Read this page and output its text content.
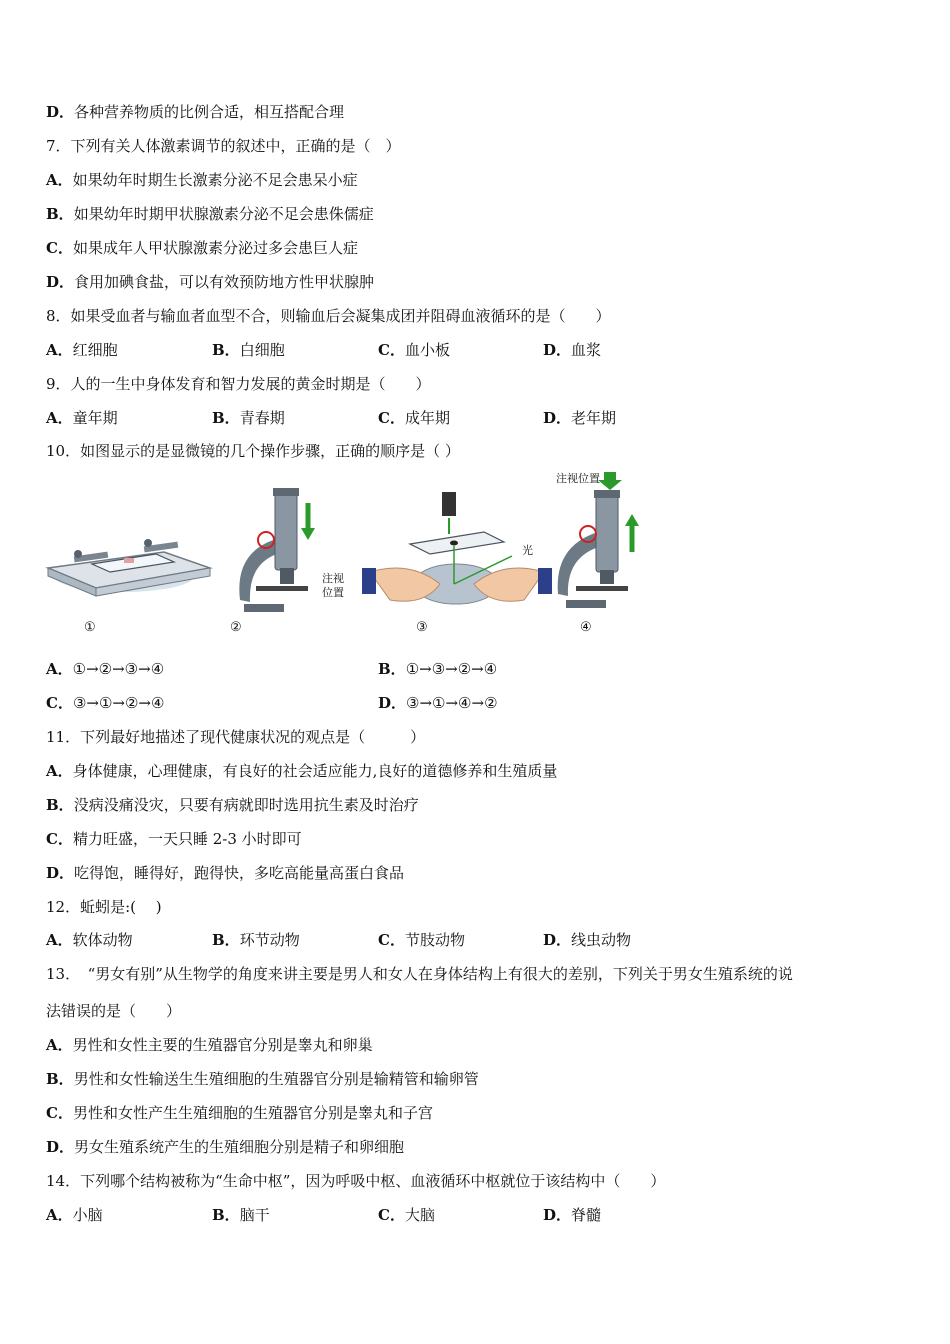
D．各种营养物质的比例合适，相互搭配合理
7．下列有关人体激素调节的叙述中，正确的是（　）
A．如果幼年时期生长激素分泌不足会患呆小症
B．如果幼年时期甲状腺激素分泌不足会患侏儒症
C．如果成年人甲状腺激素分泌过多会患巨人症
D．食用加碘食盐，可以有效预防地方性甲状腺肿
8．如果受血者与输血者血型不合，则输血后会凝集成团并阻碍血液循环的是（　　）
A．红细胞	B．白细胞	C．血小板	D．血浆
9．人的一生中身体发育和智力发展的黄金时期是（　　）
A．童年期	B．青春期	C．成年期	D．老年期
10．如图显示的是显微镜的几个操作步骤，正确的顺序是（ ）
注视
位置
光
注视位置
①	②	③	④
A．①→②→③→④	B．①→③→②→④
C．③→①→②→④	D．③→①→④→②
11．下列最好地描述了现代健康状况的观点是（　　　）
A．身体健康，心理健康，有良好的社会适应能力,良好的道德修养和生殖质量
B．没病没痛没灾，只要有病就即时选用抗生素及时治疗
C．精力旺盛，一天只睡 2-3 小时即可
D．吃得饱，睡得好，跑得快，多吃高能量高蛋白食品
12．蚯蚓是:(　 )
A．软体动物	B．环节动物	C．节肢动物	D．线虫动物
13．　“男女有别”从生物学的角度来讲主要是男人和女人在身体结构上有很大的差别，下列关于男女生殖系统的说
法错误的是（　　）
A．男性和女性主要的生殖器官分别是睾丸和卵巢
B．男性和女性输送生生殖细胞的生殖器官分别是输精管和输卵管
C．男性和女性产生生殖细胞的生殖器官分别是睾丸和子宫
D．男女生殖系统产生的生殖细胞分别是精子和卵细胞
14．下列哪个结构被称为“生命中枢”，因为呼吸中枢、血液循环中枢就位于该结构中（　　）
A．小脑	B．脑干	C．大脑	D．脊髓
